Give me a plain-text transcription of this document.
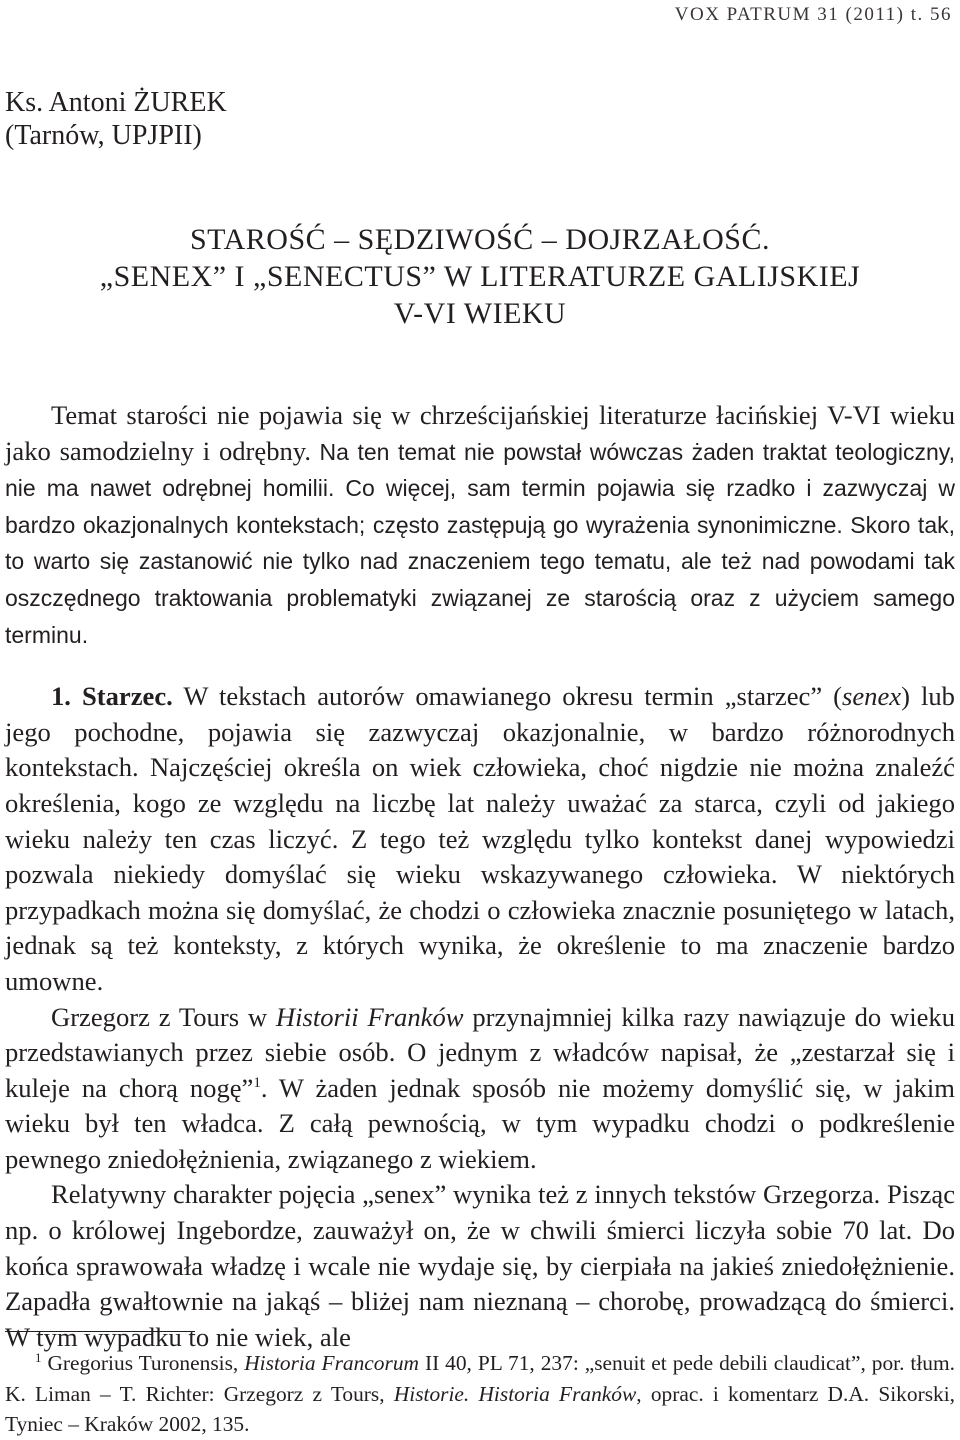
VOX PATRUM 31 (2011) t. 56
Ks. Antoni ŻUREK
(Tarnów, UPJPII)
STAROŚĆ – SĘDZIWOŚĆ – DOJRZAŁOŚĆ.
„SENEX” I „SENECTUS” W LITERATURZE GALIJSKIEJ
V-VI WIEKU

Temat starości nie pojawia się w chrześcijańskiej literaturze łacińskiej V-VI wieku jako samodzielny i odrębny. Na ten temat nie powstał wówczas żaden traktat teologiczny, nie ma nawet odrębnej homilii. Co więcej, sam termin pojawia się rzadko i zazwyczaj w bardzo okazjonalnych kontekstach; często zastępują go wyrażenia synonimiczne. Skoro tak, to warto się zastanowić nie tylko nad znaczeniem tego tematu, ale też nad powodami tak oszczędnego traktowania problematyki związanej ze starością oraz z użyciem samego terminu.

1. Starzec. W tekstach autorów omawianego okresu termin „starzec” (senex) lub jego pochodne, pojawia się zazwyczaj okazjonalnie, w bardzo różnorodnych kontekstach. Najczęściej określa on wiek człowieka, choć nigdzie nie można znaleźć określenia, kogo ze względu na liczbę lat należy uważać za starca, czyli od jakiego wieku należy ten czas liczyć. Z tego też względu tylko kontekst danej wypowiedzi pozwala niekiedy domyślać się wieku wskazywanego człowieka. W niektórych przypadkach można się domyślać, że chodzi o człowieka znacznie posuniętego w latach, jednak są też konteksty, z których wynika, że określenie to ma znaczenie bardzo umowne.

Grzegorz z Tours w Historii Franków przynajmniej kilka razy nawiązuje do wieku przedstawianych przez siebie osób. O jednym z władców napisał, że „zestarzał się i kuleje na chorą nogę”$^1$. W żaden jednak sposób nie możemy domyślić się, w jakim wieku był ten władca. Z całą pewnością, w tym wypadku chodzi o podkreślenie pewnego zniedołężnienia, związanego z wiekiem.

Relatywny charakter pojęcia „senex” wynika też z innych tekstów Grzegorza. Pisząc np. o królowej Ingebordze, zauważył on, że w chwili śmierci liczyła sobie 70 lat. Do końca sprawowała władzę i wcale nie wydaje się, by cierpiała na jakieś zniedołężnienie. Zapadła gwałtownie na jakąś – bliżej nam nieznaną – chorobę, prowadzącą do śmierci. W tym wypadku to nie wiek, ale

$^1$ Gregorius Turonensis, Historia Francorum II 40, PL 71, 237: „senuit et pede debili claudicat”, por. tłum. K. Liman – T. Richter: Grzegorz z Tours, Historie. Historia Franków, oprac. i komentarz D.A. Sikorski, Tyniec – Kraków 2002, 135.
